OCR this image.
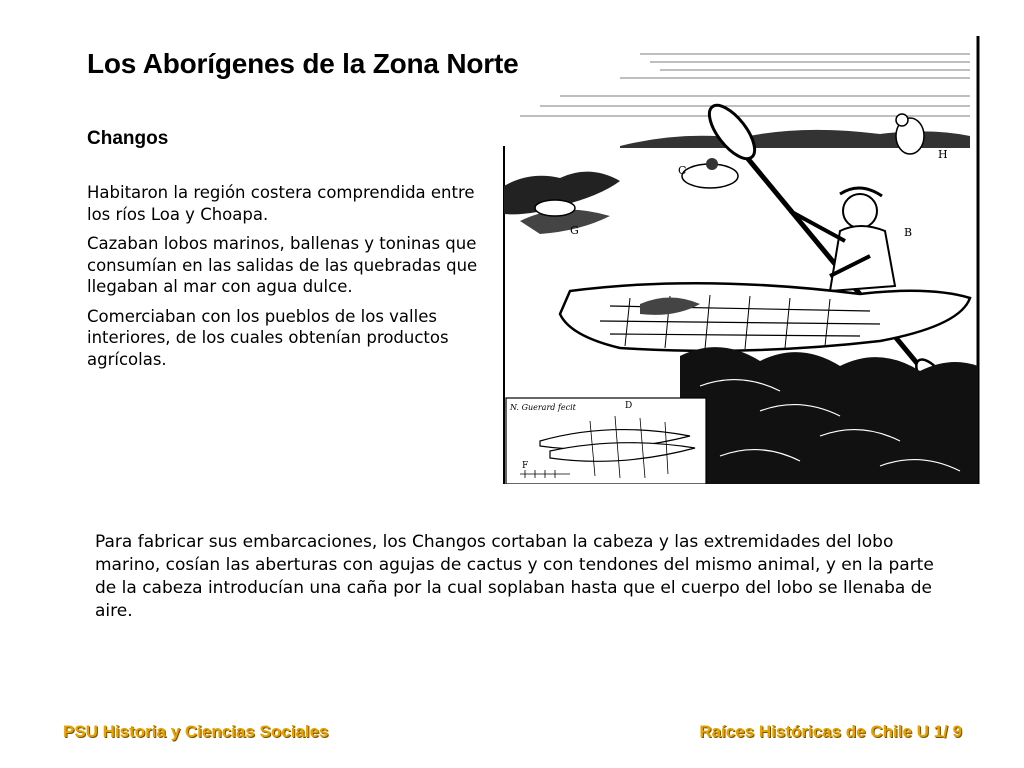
Los Aborígenes de la Zona Norte
Changos

Habitaron la región costera comprendida entre los ríos Loa y Choapa.

Cazaban lobos marinos, ballenas y toninas que consumían en las salidas de las quebradas que llegaban al mar con agua dulce.

Comerciaban con los pueblos de los valles interiores, de los cuales obtenían productos agrícolas.

G
H
C
B
N. Guerard fecit	D
F
Para fabricar sus embarcaciones, los Changos cortaban la cabeza y las extremidades del lobo marino, cosían las aberturas con agujas de cactus y con tendones del mismo animal, y en la parte de la cabeza introducían una caña por la cual soplaban hasta que el cuerpo del lobo se llenaba de aire.
PSU Historia y Ciencias Sociales	Raíces Históricas de Chile U 1/ 9
